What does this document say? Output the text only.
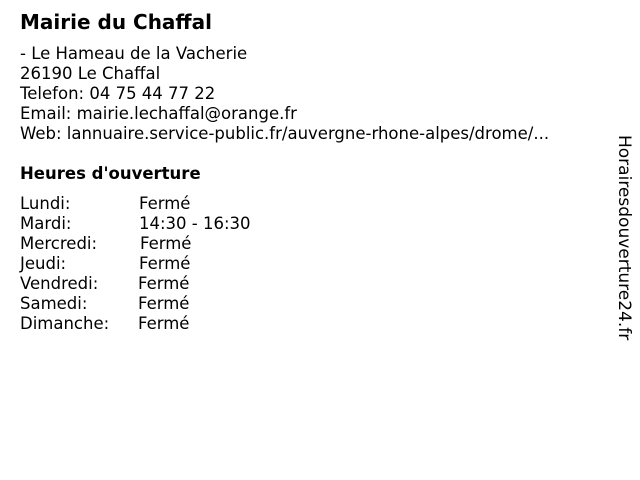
Mairie du Chaffal
- Le Hameau de la Vacherie
26190 Le Chaffal
Telefon: 04 75 44 77 22
Email: mairie.lechaffal@orange.fr
Web: lannuaire.service-public.fr/auvergne-rhone-alpes/drome/...
Heures d'ouverture
Lundi:	Fermé
Mardi:	14:30 - 16:30
Mercredi:	Fermé
Jeudi:	Fermé
Vendredi: Fermé
Samedi:	Fermé
Dimanche: Fermé	Horairesdouverture24.fr
